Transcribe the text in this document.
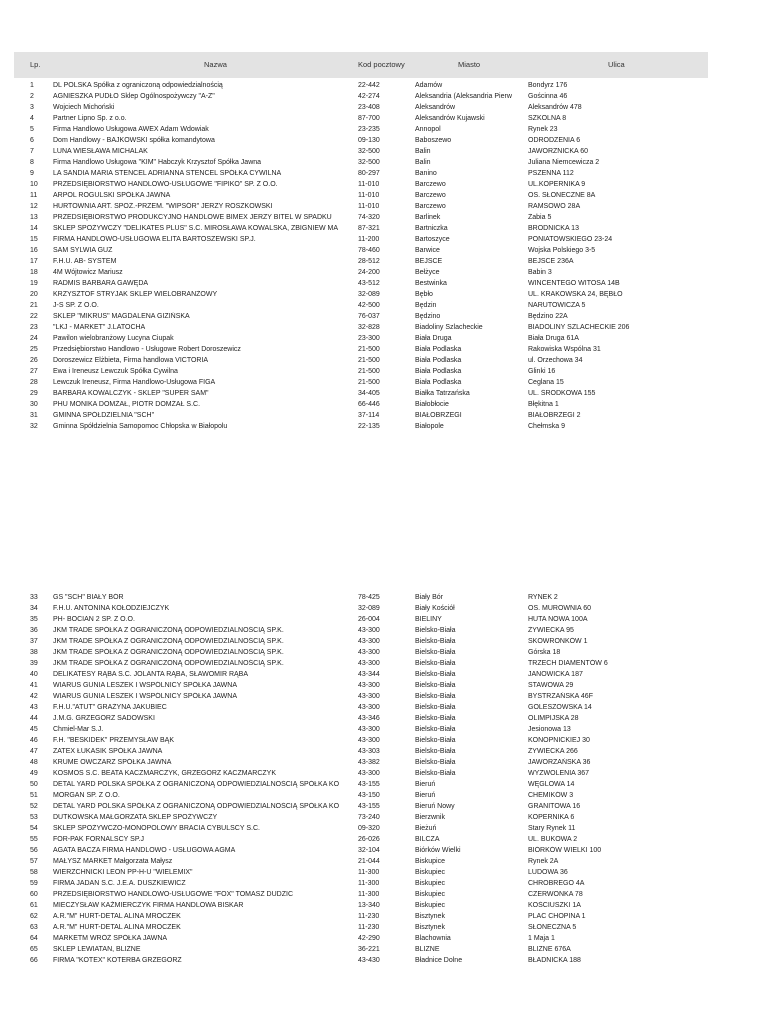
Lp.	Nazwa	Kod pocztowy	Miasto	Ulica
1	DL POLSKA Spółka z ograniczoną odpowiedzialnością	22-442	Adamów	Bondyrz 176
2	AGNIESZKA PUDŁO Sklep Ogólnospożywczy "A-Z"	42-274	Aleksandria (Aleksandria Pierw	Gościnna 46
3	Wojciech Michoński	23-408	Aleksandrów	Aleksandrów 478
4	Partner Lipno Sp. z o.o.	87-700	Aleksandrów Kujawski	SZKOLNA 8
5	Firma Handlowo Usługowa AWEX Adam Wdowiak	23-235	Annopol	Rynek 23
6	Dom Handlowy - BAJKOWSKI spółka komandytowa	09-130	Baboszewo	ODRODZENIA 6
7	LUNA WIESŁAWA MICHALAK	32-500	Balin	JAWORZNICKA 60
8	Firma Handlowo Usługowa "KIM" Habczyk Krzysztof Spółka Jawna	32-500	Balin	Juliana Niemcewicza 2
9	LA SANDIA MARIA STENCEL ADRIANNA STENCEL SPÓŁKA CYWILNA	80-297	Banino	PSZENNA 112
10	PRZEDSIĘBIORSTWO HANDLOWO-USŁUGOWE "FIPIKO" SP. Z O.O.	11-010	Barczewo	UL.KOPERNIKA 9
11	ARPOL ROGULSKI SPÓŁKA JAWNA	11-010	Barczewo	OS. SŁONECZNE 8A
12	HURTOWNIA ART. SPOŻ.-PRZEM. "WIPSÓR" JERZY ROSZKOWSKI	11-010	Barczewo	RAMSOWO 28A
13	PRZEDSIĘBIORSTWO PRODUKCYJNO HANDLOWE BIMEX JERZY BITEL W SPADKU	74-320	Barlinek	Żabia 5
14	SKLEP SPOŻYWCZY "DELIKATES PLUS" S.C. MIROSŁAWA KOWALSKA, ZBIGNIEW MA	87-321	Bartniczka	BRODNICKA 13
15	FIRMA HANDLOWO-USŁUGOWA ELITA BARTOSZEWSKI SP.J.	11-200	Bartoszyce	PONIATOWSKIEGO 23-24
16	SAM SYLWIA GUZ	78-460	Barwice	Wojska Polskiego 3-5
17	F.H.U. AB- SYSTEM	28-512	BEJSCE	BEJSCE 236A
18	4M Wójtowicz Mariusz	24-200	Bełżyce	Babin 3
19	RADMIS BARBARA GAWĘDA	43-512	Bestwinka	WINCENTEGO WITOSA 14B
20	KRZYSZTOF STRYJAK SKLEP WIELOBRANŻOWY	32-089	Bębło	UL. KRAKOWSKA 24, BĘBŁO
21	J-S SP. Z O.O.	42-500	Będzin	NARUTOWICZA 5
22	SKLEP "MIKRUS" MAGDALENA GIZIŃSKA	76-037	Będzino	Będzino 22A
23	"LKJ - MARKET" J.LATOCHA	32-828	Biadoliny Szlacheckie	BIADOLINY SZLACHECKIE 206
24	Pawilon wielobranżowy Lucyna Ciupak	23-300	Biała Druga	Biała Druga 61A
25	Przedsiębiorstwo Handlowo - Usługowe Robert Doroszewicz	21-500	Biała Podlaska	Rakowiska Wspólna 31
26	Doroszewicz Elżbieta, Firma handlowa VICTORIA	21-500	Biała Podlaska	ul. Orzechowa 34
27	Ewa i Ireneusz Lewczuk Spółka Cywilna	21-500	Biała Podlaska	Glinki 16
28	Lewczuk Ireneusz, Firma Handlowo-Usługowa FIGA	21-500	Biała Podlaska	Ceglana 15
29	BARBARA KOWALCZYK - SKLEP "SUPER SAM"	34-405	Białka Tatrzańska	UL. ŚRODKOWA 155
30	PHU MONIKA DOMŻAŁ, PIOTR DOMŻAŁ S.C.	66-446	Białobłocie	Błękitna 1
31	GMINNA SPÓŁDZIELNIA "SCH"	37-114	BIAŁOBRZEGI	BIAŁOBRZEGI 2
32	Gminna Spółdzielnia Samopomoc Chłopska w Białopolu	22-135	Białopole	Chełmska 9
33	GS "SCH" BIAŁY BÓR	78-425	Biały Bór	RYNEK 2
34	F.H.U. ANTONINA KOŁODZIEJCZYK	32-089	Biały Kościół	OS. MUROWNIA 60
35	PH- BOCIAN 2 SP. Z O.O.	26-004	BIELINY	HUTA NOWA 100A
36	JKM TRADE SPÓŁKA Z OGRANICZONĄ ODPOWIEDZIALNOŚCIĄ SP.K.	43-300	Bielsko-Biała	ŻYWIECKA 95
37	JKM TRADE SPÓŁKA Z OGRANICZONĄ ODPOWIEDZIALNOŚCIĄ SP.K.	43-300	Bielsko-Biała	SKOWRONKÓW 1
38	JKM TRADE SPÓŁKA Z OGRANICZONĄ ODPOWIEDZIALNOŚCIĄ SP.K.	43-300	Bielsko-Biała	Górska 18
39	JKM TRADE SPÓŁKA Z OGRANICZONĄ ODPOWIEDZIALNOŚCIĄ SP.K.	43-300	Bielsko-Biała	TRZECH DIAMENTÓW 6
40	DELIKATESY RĄBA S.C. JOLANTA RĄBA, SŁAWOMIR RĄBA	43-344	Bielsko-Biała	JANOWICKA 187
41	WIARUS GUNIA LESZEK I WSPÓLNICY SPÓŁKA JAWNA	43-300	Bielsko-Biała	STAWOWA 29
42	WIARUS GUNIA LESZEK I WSPÓLNICY SPÓŁKA JAWNA	43-300	Bielsko-Biała	BYSTRZAŃSKA 46F
43	F.H.U."ATUT" GRAŻYNA JAKUBIEC	43-300	Bielsko-Biała	GOLESZOWSKA 14
44	J.M.G. GRZEGORZ SADOWSKI	43-346	Bielsko-Biała	OLIMPIJSKA 28
45	Chmiel-Mar S.J.	43-300	Bielsko-Biała	Jesionowa 13
46	F.H. "BESKIDEK" PRZEMYSŁAW BĄK	43-300	Bielsko-Biała	KONOPNICKIEJ 30
47	ZATEX ŁUKASIK SPÓŁKA JAWNA	43-303	Bielsko-Biała	ŻYWIECKA 266
48	KRUME OWCZARZ SPÓŁKA JAWNA	43-382	Bielsko-Biała	JAWORZAŃSKA 36
49	KOSMOS S.C. BEATA KACZMARCZYK, GRZEGORZ KACZMARCZYK	43-300	Bielsko-Biała	WYZWOLENIA 367
50	DETAL YARD POLSKA SPÓŁKA Z OGRANICZONĄ ODPOWIEDZIALNOŚCIĄ SPÓŁKA KO	43-155	Bieruń	WĘGLOWA 14
51	MORGAN SP. Z O.O.	43-150	Bieruń	CHEMIKÓW 3
52	DETAL YARD POLSKA SPÓŁKA Z OGRANICZONĄ ODPOWIEDZIALNOŚCIĄ SPÓŁKA KO	43-155	Bieruń Nowy	GRANITOWA 16
53	DUTKOWSKA MAŁGORZATA SKLEP SPOŻYWCZY	73-240	Bierzwnik	KOPERNIKA 6
54	SKLEP SPOŻYWCZO-MONOPOLOWY BRACIA CYBULSCY S.C.	09-320	Bieżuń	Stary Rynek 11
55	FOR-PAK FORNALSCY SP.J	26-026	BILCZA	UL. BUKOWA 2
56	AGATA BACZA FIRMA HANDLOWO - USŁUGOWA AGMA	32-104	Biórków Wielki	BIÓRKÓW WIELKI 100
57	MAŁYSZ MARKET Małgorzata Małysz	21-044	Biskupice	Rynek 2A
58	WIERZCHNICKI LEON PP-H-U "WIELEMIX"	11-300	Biskupiec	LUDOWA 36
59	FIRMA JADAN S.C. J.E.A. DUSZKIEWICZ	11-300	Biskupiec	CHROBREGO 4A
60	PRZEDSIĘBIORSTWO HANDLOWO-USŁUGOWE "FOX" TOMASZ DUDZIC	11-300	Biskupiec	CZERWONKA 78
61	MIECZYSŁAW KAŹMIERCZYK FIRMA HANDLOWA BISKAR	13-340	Biskupiec	KOŚCIUSZKI 1A
62	A.R."M" HURT-DETAL ALINA MROCZEK	11-230	Bisztynek	PLAC CHOPINA 1
63	A.R."M" HURT-DETAL ALINA MROCZEK	11-230	Bisztynek	SŁONECZNA 5
64	MARKETM WRÓŻ SPÓŁKA JAWNA	42-290	Blachownia	1 Maja 1
65	SKLEP LEWIATAN, BLIZNE	36-221	BLIZNE	BLIZNE 676A
66	FIRMA "KOTEX" KOTERBA GRZEGORZ	43-430	Bładnice Dolne	BŁADNICKA 188
